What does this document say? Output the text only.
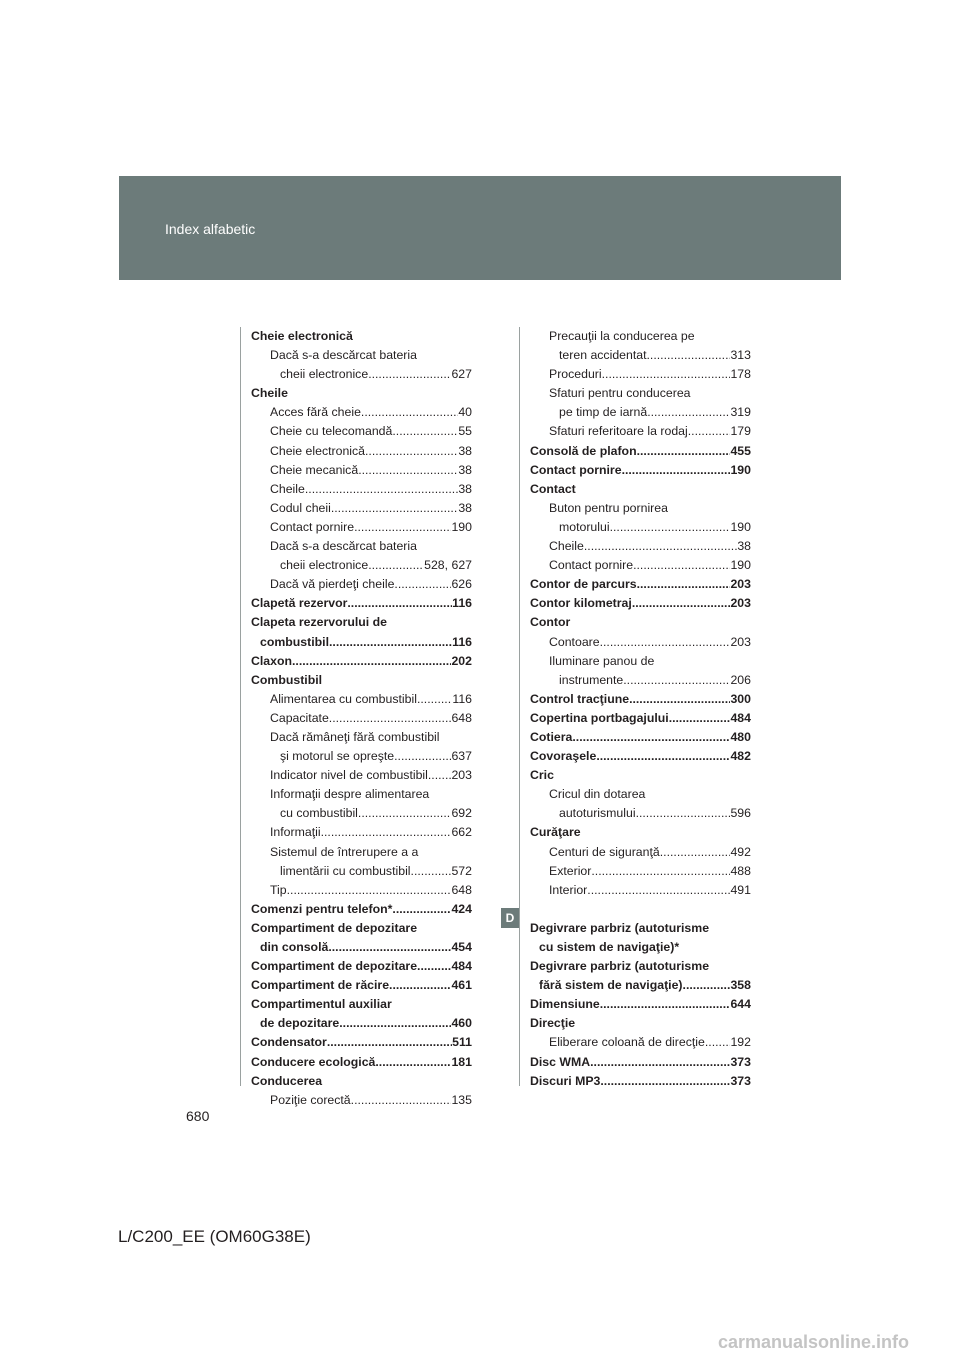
Index alfabetic
Cheie electronică
Dacă s-a descărcat bateria
cheii electronice .....	627
Cheile
Acces fără cheie .....	40
Cheie cu telecomandă .....	55
Cheie electronică .....	38
Cheie mecanică .....	38
Cheile .....	38
Codul cheii .....	38
Contact pornire .....	190
Dacă s-a descărcat bateria
cheii electronice .....	528, 627
Dacă vă pierdeţi cheile .....	626
Clapetă rezervor .....	116
Clapeta rezervorului de
combustibil .....	116
Claxon .....	202
Combustibil
Alimentarea cu combustibil .....	116
Capacitate .....	648
Dacă rămâneţi fără combustibil
şi motorul se opreşte .....	637
Indicator nivel de combustibil ..... 203
Informaţii despre alimentarea
cu combustibil .....	692
Informaţii .....	662
Sistemul de întrerupere a a
limentării cu combustibil .....	572
Tip .....	648
Comenzi pentru telefon* .....	424
Compartiment de depozitare
din consolă .....	454
Compartiment de depozitare .....	484
Compartiment de răcire .....	461
Compartimentul auxiliar
de depozitare .....	460
Condensator .....	511
Conducere ecologică .....	181
Conducerea
Poziţie corectă .....	135
Precauţii la conducerea pe
teren accidentat .....	313
Proceduri .....	178
Sfaturi pentru conducerea
pe timp de iarnă .....	319
Sfaturi referitoare la rodaj .....	179
Consolă de plafon .....	455
Contact pornire .....	190
Contact
Buton pentru pornirea
motorului .....	190
Cheile .....	38
Contact pornire .....	190
Contor de parcurs .....	203
Contor kilometraj .....	203
Contor
Contoare .....	203
Iluminare panou de
instrumente .....	206
Control tracţiune .....	300
Copertina portbagajului .....	484
Cotiera .....	480
Covoraşele .....	482
Cric
Cricul din dotarea
autoturismului .....	596
Curăţare
Centuri de siguranţă .....	492
Exterior .....	488
Interior .....	491
Degivrare parbriz (autoturisme
cu sistem de navigaţie)*
Degivrare parbriz (autoturisme
fără sistem de navigaţie) .....	358
Dimensiune .....	644
Direcţie
Eliberare coloană de direcţie ..... 192
Disc WMA .....	373
Discuri MP3 .....	373
D
680
L/C200_EE (OM60G38E)
carmanualsonline.info
